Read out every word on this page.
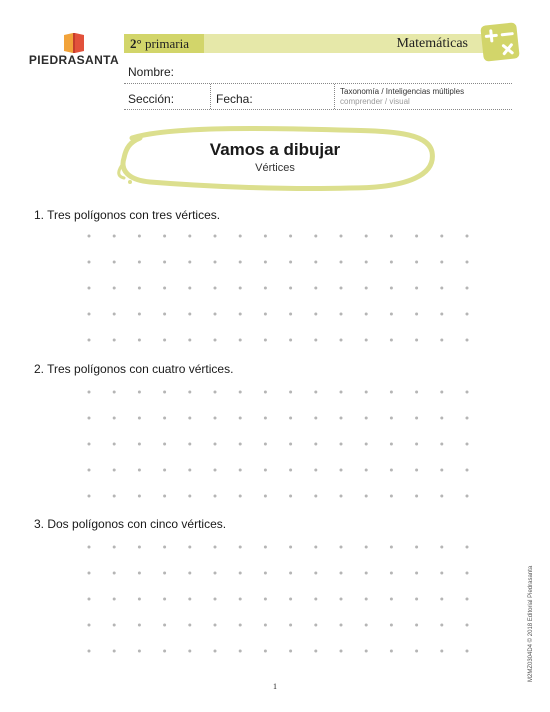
PIEDRASANTA
2° primaria	Matemáticas
Nombre:
Sección:	Fecha:
Taxonomía / Inteligencias múltiples
comprender / visual
Vamos a dibujar
Vértices
1. Tres polígonos con tres vértices.
2. Tres polígonos con cuatro vértices.
3. Dos polígonos con cinco vértices.
1
M2MZ0304D4 © 2018 Editorial Piedrasanta
